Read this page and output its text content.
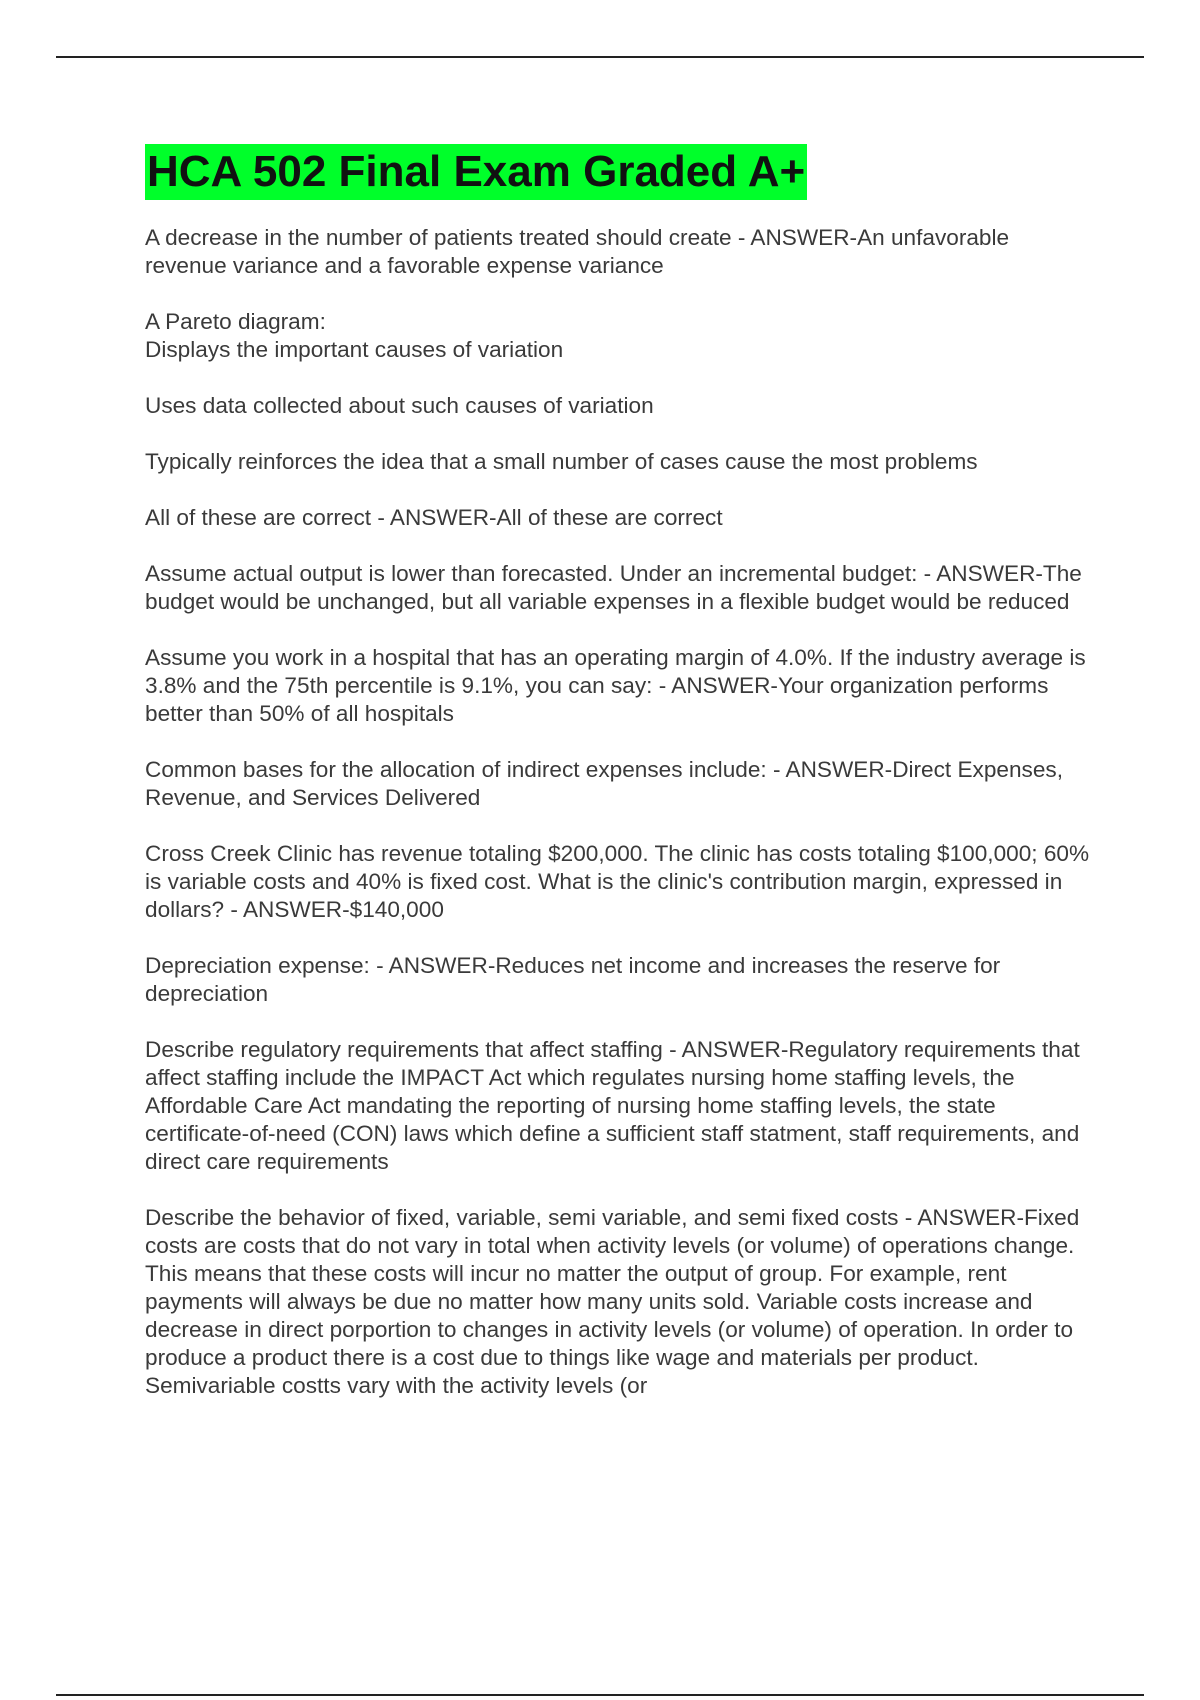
HCA 502 Final Exam Graded A+

A decrease in the number of patients treated should create - ANSWER-An unfavorable revenue variance and a favorable expense variance

A Pareto diagram:
Displays the important causes of variation

Uses data collected about such causes of variation

Typically reinforces the idea that a small number of cases cause the most problems

All of these are correct - ANSWER-All of these are correct

Assume actual output is lower than forecasted. Under an incremental budget: - ANSWER-The budget would be unchanged, but all variable expenses in a flexible budget would be reduced

Assume you work in a hospital that has an operating margin of 4.0%. If the industry average is 3.8% and the 75th percentile is 9.1%, you can say: - ANSWER-Your organization performs better than 50% of all hospitals

Common bases for the allocation of indirect expenses include: - ANSWER-Direct Expenses, Revenue, and Services Delivered

Cross Creek Clinic has revenue totaling $200,000. The clinic has costs totaling $100,000; 60% is variable costs and 40% is fixed cost. What is the clinic's contribution margin, expressed in dollars? - ANSWER-$140,000

Depreciation expense: - ANSWER-Reduces net income and increases the reserve for depreciation

Describe regulatory requirements that affect staffing - ANSWER-Regulatory requirements that affect staffing include the IMPACT Act which regulates nursing home staffing levels, the Affordable Care Act mandating the reporting of nursing home staffing levels, the state certificate-of-need (CON) laws which define a sufficient staff statment, staff requirements, and direct care requirements

Describe the behavior of fixed, variable, semi variable, and semi fixed costs - ANSWER-Fixed costs are costs that do not vary in total when activity levels (or volume) of operations change. This means that these costs will incur no matter the output of group. For example, rent payments will always be due no matter how many units sold. Variable costs increase and decrease in direct porportion to changes in activity levels (or volume) of operation. In order to produce a product there is a cost due to things like wage and materials per product. Semivariable costts vary with the activity levels (or
